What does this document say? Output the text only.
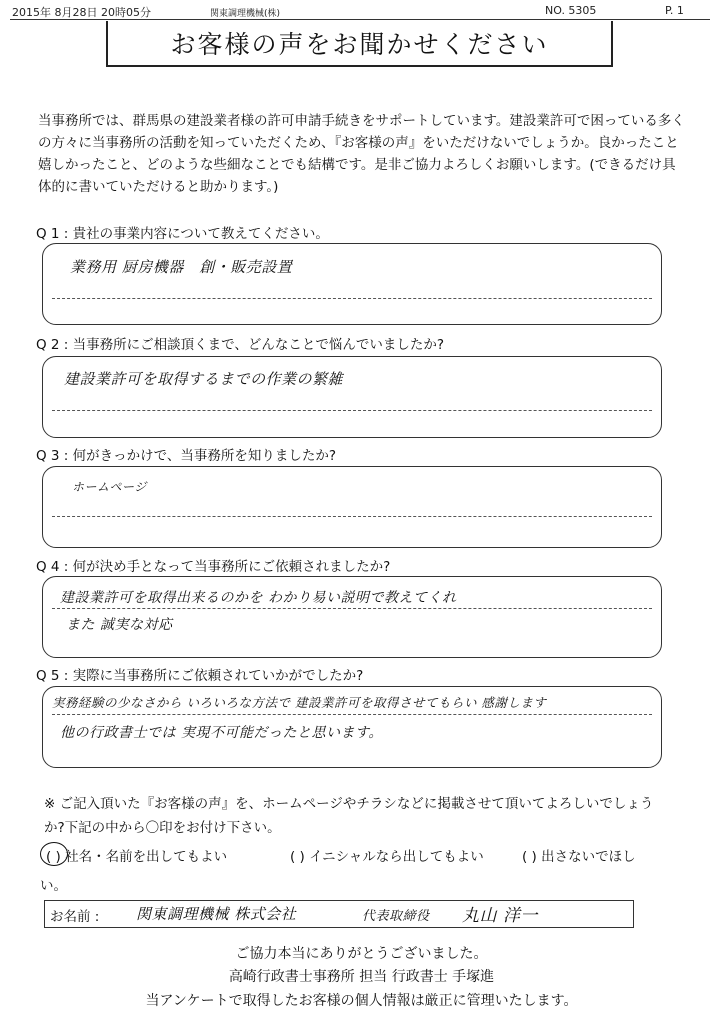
2015年 8月28日 20時05分	関東調理機械(株)	NO. 5305	P. 1
お客様の声をお聞かせください
当事務所では、群馬県の建設業者様の許可申請手続きをサポートしています。建設業許可で困っている多くの方々に当事務所の活動を知っていただくため、『お客様の声』をいただけないでしょうか。良かったこと嬉しかったこと、どのような些細なことでも結構です。是非ご協力よろしくお願いします。(できるだけ具体的に書いていただけると助かります。)
Q 1 : 貴社の事業内容について教えてください。
業務用 厨房機器　創・販売設置
Q 2 : 当事務所にご相談頂くまで、どんなことで悩んでいましたか?
建設業許可を取得するまでの作業の繁雑
Q 3 : 何がきっかけで、当事務所を知りましたか?
ホームページ
Q 4 : 何が決め手となって当事務所にご依頼されましたか?
建設業許可を取得出来るのかを わかり易い説明で教えてくれ
また 誠実な対応
Q 5 : 実際に当事務所にご依頼されていかがでしたか?
実務経験の少なさから いろいろな方法で 建設業許可を取得させてもらい 感謝します
他の行政書士では 実現不可能だったと思います。
※ ご記入頂いた『お客様の声』を、ホームページやチラシなどに掲載させて頂いてよろしいでしょう
か?下記の中から〇印をお付け下さい。
( ) 社名・名前を出してもよい	( ) イニシャルなら出してもよい	( ) 出さないでほし
い。
お名前 : 関東調理機械 株式会社	代表取締役 丸山 洋一
ご協力本当にありがとうございました。
高崎行政書士事務所 担当 行政書士 手塚進
当アンケートで取得したお客様の個人情報は厳正に管理いたします。
